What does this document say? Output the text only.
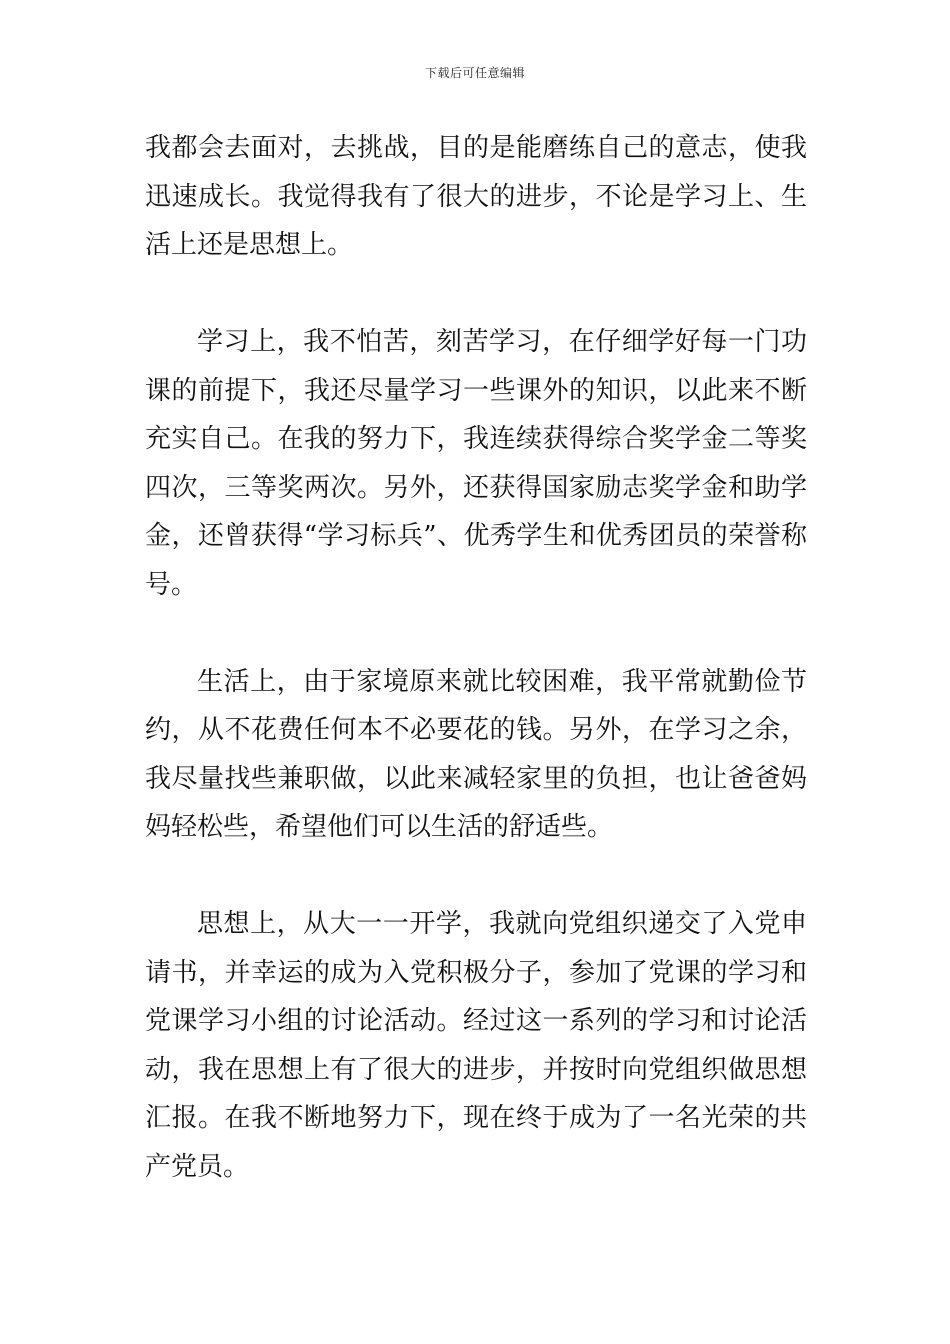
下载后可任意编辑

我都会去面对，去挑战，目的是能磨练自己的意志，使我迅速成长。我觉得我有了很大的进步，不论是学习上、生活上还是思想上。

学习上，我不怕苦，刻苦学习，在仔细学好每一门功课的前提下，我还尽量学习一些课外的知识，以此来不断充实自己。在我的努力下，我连续获得综合奖学金二等奖四次，三等奖两次。另外，还获得国家励志奖学金和助学金，还曾获得“学习标兵”、优秀学生和优秀团员的荣誉称号。

生活上，由于家境原来就比较困难，我平常就勤俭节约，从不花费任何本不必要花的钱。另外，在学习之余，我尽量找些兼职做，以此来减轻家里的负担，也让爸爸妈妈轻松些，希望他们可以生活的舒适些。

思想上，从大一一开学，我就向党组织递交了入党申请书，并幸运的成为入党积极分子，参加了党课的学习和党课学习小组的讨论活动。经过这一系列的学习和讨论活动，我在思想上有了很大的进步，并按时向党组织做思想汇报。在我不断地努力下，现在终于成为了一名光荣的共产党员。
